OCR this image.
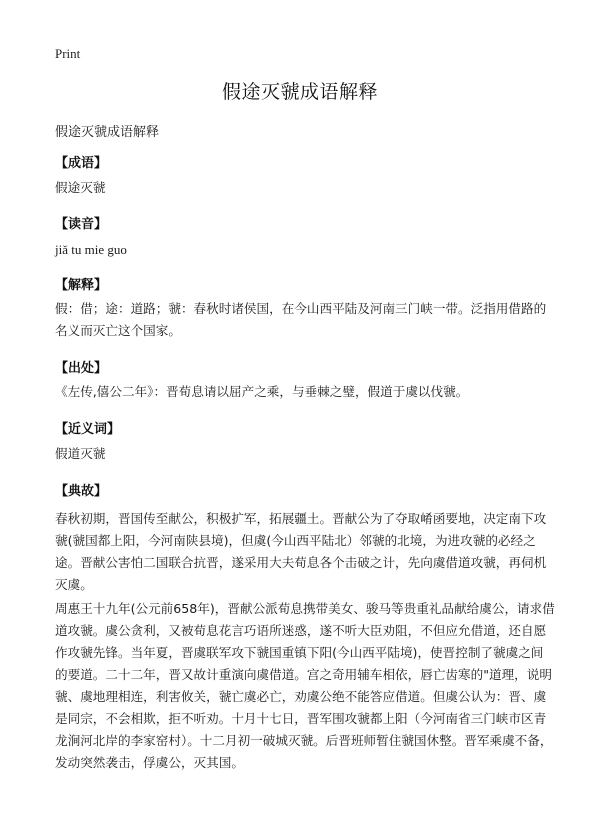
Print
假途灭虢成语解释
假途灭虢成语解释
【成语】
假途灭虢
【读音】
jiǎ tu mie guo
【解释】
假：借；途：道路；虢：春秋时诸侯国，在今山西平陆及河南三门峡一带。泛指用借路的名义而灭亡这个国家。
【出处】
《左传,僖公二年》：晋荀息请以屈产之乘，与垂棘之璧，假道于虞以伐虢。
【近义词】
假道灭虢
【典故】
春秋初期，晋国传至献公，积极扩军，拓展疆土。晋献公为了夺取崤函要地，决定南下攻虢(虢国都上阳，今河南陕县境)，但虞(今山西平陆北）邻虢的北境，为进攻虢的必经之途。晋献公害怕二国联合抗晋，遂采用大夫荀息各个击破之计，先向虞借道攻虢，再伺机灭虞。
周惠王十九年(公元前658年)，晋献公派荀息携带美女、骏马等贵重礼品献给虞公，请求借道攻虢。虞公贪利，又被荀息花言巧语所迷惑，遂不听大臣劝阻，不但应允借道，还自愿作攻虢先锋。当年夏，晋虞联军攻下虢国重镇下阳(今山西平陆境)，使晋控制了虢虞之间的要道。二十二年，晋又故计重演向虞借道。宫之奇用辅车相依，唇亡齿寒的"道理，说明虢、虞地理相连，利害攸关，虢亡虞必亡，劝虞公绝不能答应借道。但虞公认为：晋、虞是同宗，不会相欺，拒不听劝。十月十七日，晋军围攻虢都上阳（今河南省三门峡市区青龙涧河北岸的李家窑村）。十二月初一破城灭虢。后晋班师暂住虢国休整。晋军乘虞不备，发动突然袭击，俘虞公，灭其国。
